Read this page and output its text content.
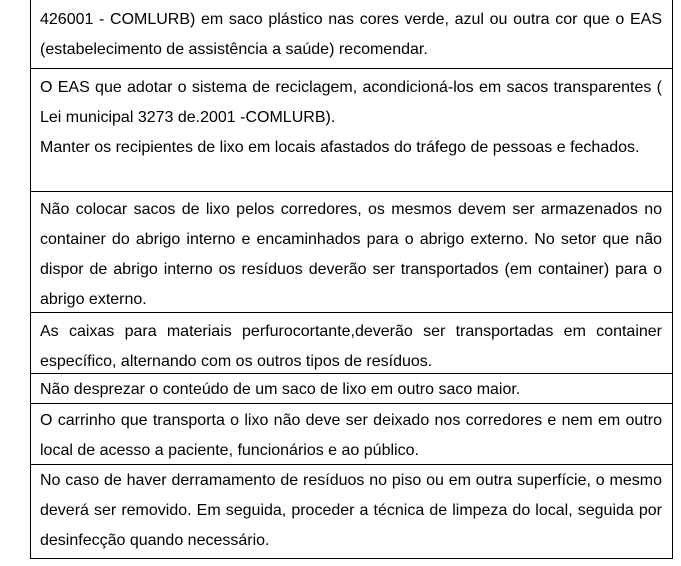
426001 - COMLURB) em saco plástico nas cores verde, azul ou outra cor que o EAS (estabelecimento de assistência a saúde) recomendar.

O EAS que adotar o sistema de reciclagem, acondicioná-los em sacos transparentes ( Lei municipal 3273 de.2001 -COMLURB).

Manter os recipientes de lixo em locais afastados do tráfego de pessoas e fechados.

Não colocar sacos de lixo pelos corredores, os mesmos devem ser armazenados no container do abrigo interno e encaminhados para o abrigo externo. No setor que não dispor de abrigo interno os resíduos deverão ser transportados (em container) para o abrigo externo.

As caixas para materiais perfurocortante,deverão ser transportadas em container específico, alternando com os outros tipos de resíduos.

Não desprezar o conteúdo de um saco de lixo em outro saco maior.

O carrinho que transporta o lixo não deve ser deixado nos corredores e nem em outro local de acesso a paciente, funcionários e ao público.

No caso de haver derramamento de resíduos no piso ou em outra superfície, o mesmo deverá ser removido. Em seguida, proceder a técnica de limpeza do local, seguida por desinfecção quando necessário.
